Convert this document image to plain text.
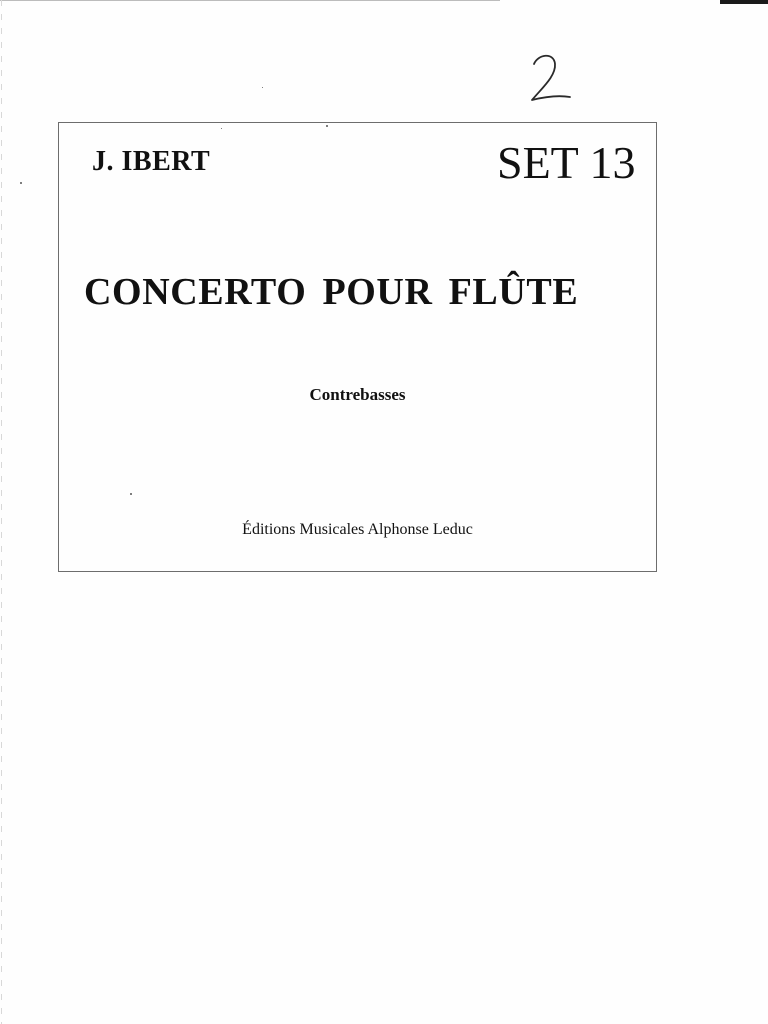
J. IBERT	SET 13
CONCERTO POUR FLÛTE
Contrebasses
Éditions Musicales Alphonse Leduc
